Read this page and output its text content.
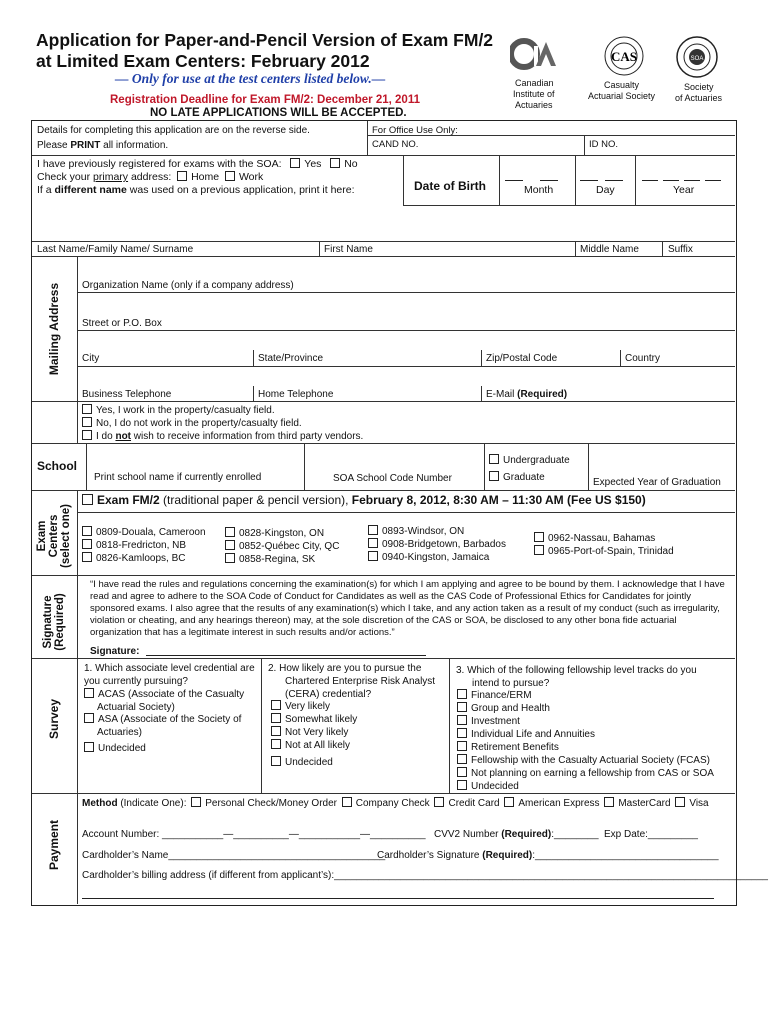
Application for Paper-and-Pencil Version of Exam FM/2
at Limited Exam Centers: February 2012
— Only for use at the test centers listed below.—
Registration Deadline for Exam FM/2: December 21, 2011
NO LATE APPLICATIONS WILL BE ACCEPTED.
Canadian
Institute of
Actuaries
CAS
Casualty
Actuarial Society
SOA
Society
of Actuaries
Details for completing this application are on the reverse side.
Please PRINT all information.
For Office Use Only:
CAND NO.	ID NO.
I have previously registered for exams with the SOA: Yes No
Check your primary address: Home Work
If a different name was used on a previous application, print it here:	Date of Birth	Month	Day	Year
Last Name/Family Name/ Surname	First Name	Middle Name	Suffix
Mailing Address Organization Name (only if a company address)
Street or P.O. Box
City	State/Province	Zip/Postal Code	Country
Business Telephone	Home Telephone	E-Mail (Required)
Yes, I work in the property/casualty field.
No, I do not work in the property/casualty field.
I do not wish to receive information from third party vendors.
School
Print school name if currently enrolled	SOA School Code Number
Undergraduate
Graduate	Expected Year of Graduation
Exam Centers (select one)
Exam FM/2 (traditional paper & pencil version), February 8, 2012, 8:30 AM – 11:30 AM (Fee US $150)
0809-Douala, Cameroon
0818-Fredricton, NB
0826-Kamloops, BC
0828-Kingston, ON
0852-Québec City, QC
0858-Regina, SK
0893-Windsor, ON
0908-Bridgetown, Barbados
0940-Kingston, Jamaica
0962-Nassau, Bahamas
0965-Port-of-Spain, Trinidad
Signature (Required)
“I have read the rules and regulations concerning the examination(s) for which I am applying and agree to be bound by them. I acknowledge that I have read and agree to adhere to the SOA Code of Conduct for Candidates as well as the CAS Code of Professional Ethics for Candidates for jointly sponsored exams. I also agree that the results of any examination(s) which I take, and any action taken as a result of my conduct (such as irregularity, violation or cheating, and any hearings thereon) may, at the sole discretion of the CAS or SOA, be disclosed to any other bona fide actuarial organization that has a legitimate interest in such results and/or actions.”
Signature:
Survey
1. Which associate level credential are
you currently pursuing?
ACAS (Associate of the Casualty
Actuarial Society)
ASA (Associate of the Society of
Actuaries)
Undecided
2. How likely are you to pursue the
Chartered Enterprise Risk Analyst
(CERA) credential?
Very likely
Somewhat likely
Not Very likely
Not at All likely
Undecided
3. Which of the following fellowship level tracks do you
intend to pursue?
Finance/ERM
Group and Health
Investment
Individual Life and Annuities
Retirement Benefits
Fellowship with the Casualty Actuarial Society (FCAS)
Not planning on earning a fellowship from CAS or SOA
Undecided
Payment
Method (Indicate One): Personal Check/Money Order Company Check Credit Card American Express MasterCard Visa
Account Number: ___________—__________—___________—__________ CVV2 Number (Required):________ Exp Date:_________
Cardholder’s Name_______________________________________
Cardholder’s Signature (Required):_________________________________
Cardholder’s billing address (if different from applicant’s):______________________________________________________________________________
